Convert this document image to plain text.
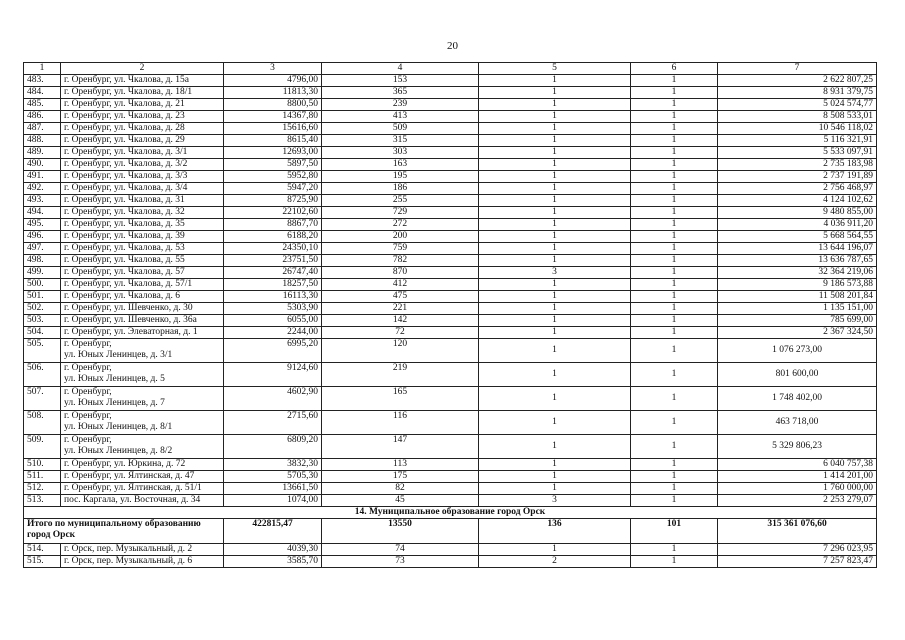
20
1	2	3	4	5	6	7
483.	г. Оренбург, ул. Чкалова, д. 15а	4796,00	153	1	1	2 622 807,25
484.	г. Оренбург, ул. Чкалова, д. 18/1	11813,30	365	1	1	8 931 379,75
485.	г. Оренбург, ул. Чкалова, д. 21	8800,50	239	1	1	5 024 574,77
486.	г. Оренбург, ул. Чкалова, д. 23	14367,80	413	1	1	8 508 533,01
487.	г. Оренбург, ул. Чкалова, д. 28	15616,60	509	1	1	10 546 118,02
488.	г. Оренбург, ул. Чкалова, д. 29	8615,40	315	1	1	5 116 321,91
489.	г. Оренбург, ул. Чкалова, д. 3/1	12693,00	303	1	1	5 533 097,91
490.	г. Оренбург, ул. Чкалова, д. 3/2	5897,50	163	1	1	2 735 183,98
491.	г. Оренбург, ул. Чкалова, д. 3/3	5952,80	195	1	1	2 737 191,89
492.	г. Оренбург, ул. Чкалова, д. 3/4	5947,20	186	1	1	2 756 468,97
493.	г. Оренбург, ул. Чкалова, д. 31	8725,90	255	1	1	4 124 102,62
494.	г. Оренбург, ул. Чкалова, д. 32	22102,60	729	1	1	9 480 855,00
495.	г. Оренбург, ул. Чкалова, д. 35	8867,70	272	1	1	4 036 911,20
496.	г. Оренбург, ул. Чкалова, д. 39	6188,20	200	1	1	5 668 564,55
497.	г. Оренбург, ул. Чкалова, д. 53	24350,10	759	1	1	13 644 196,07
498.	г. Оренбург, ул. Чкалова, д. 55	23751,50	782	1	1	13 636 787,65
499.	г. Оренбург, ул. Чкалова, д. 57	26747,40	870	3	1	32 364 219,06
500.	г. Оренбург, ул. Чкалова, д. 57/1	18257,50	412	1	1	9 186 573,88
501.	г. Оренбург, ул. Чкалова, д. 6	16113,30	475	1	1	11 508 201,84
502.	г. Оренбург, ул. Шевченко, д. 30	5303,90	221	1	1	1 135 151,00
503.	г. Оренбург, ул. Шевченко, д. 36а	6055,00	142	1	1	785 699,00
504.	г. Оренбург, ул. Элеваторная, д. 1	2244,00	72	1	1	2 367 324,50
505.	г. Оренбург,
ул. Юных Ленинцев, д. 3/1	6995,20	120	1	1	1 076 273,00
506.	г. Оренбург,
ул. Юных Ленинцев, д. 5	9124,60	219	1	1	801 600,00
507.	г. Оренбург,
ул. Юных Ленинцев, д. 7	4602,90	165	1	1	1 748 402,00
508.	г. Оренбург,
ул. Юных Ленинцев, д. 8/1	2715,60	116	1	1	463 718,00
509.	г. Оренбург,
ул. Юных Ленинцев, д. 8/2	6809,20	147	1	1	5 329 806,23
510.	г. Оренбург, ул. Юркина, д. 72	3832,30	113	1	1	6 040 757,38
511.	г. Оренбург, ул. Ялтинская, д. 47	5705,30	175	1	1	1 414 201,00
512.	г. Оренбург, ул. Ялтинская, д. 51/1	13661,50	82	1	1	1 760 000,00
513.	пос. Каргала, ул. Восточная, д. 34	1074,00	45	3	1	2 253 279,07
14. Муниципальное образование город Орск						

Итого по муниципальному образованию
город Орск		422815,47	13550	136	101	315 361 076,60
514.	г. Орск, пер. Музыкальный, д. 2	4039,30	74	1	1	7 296 023,95
515.	г. Орск, пер. Музыкальный, д. 6	3585,70	73	2	1	7 257 823,47
